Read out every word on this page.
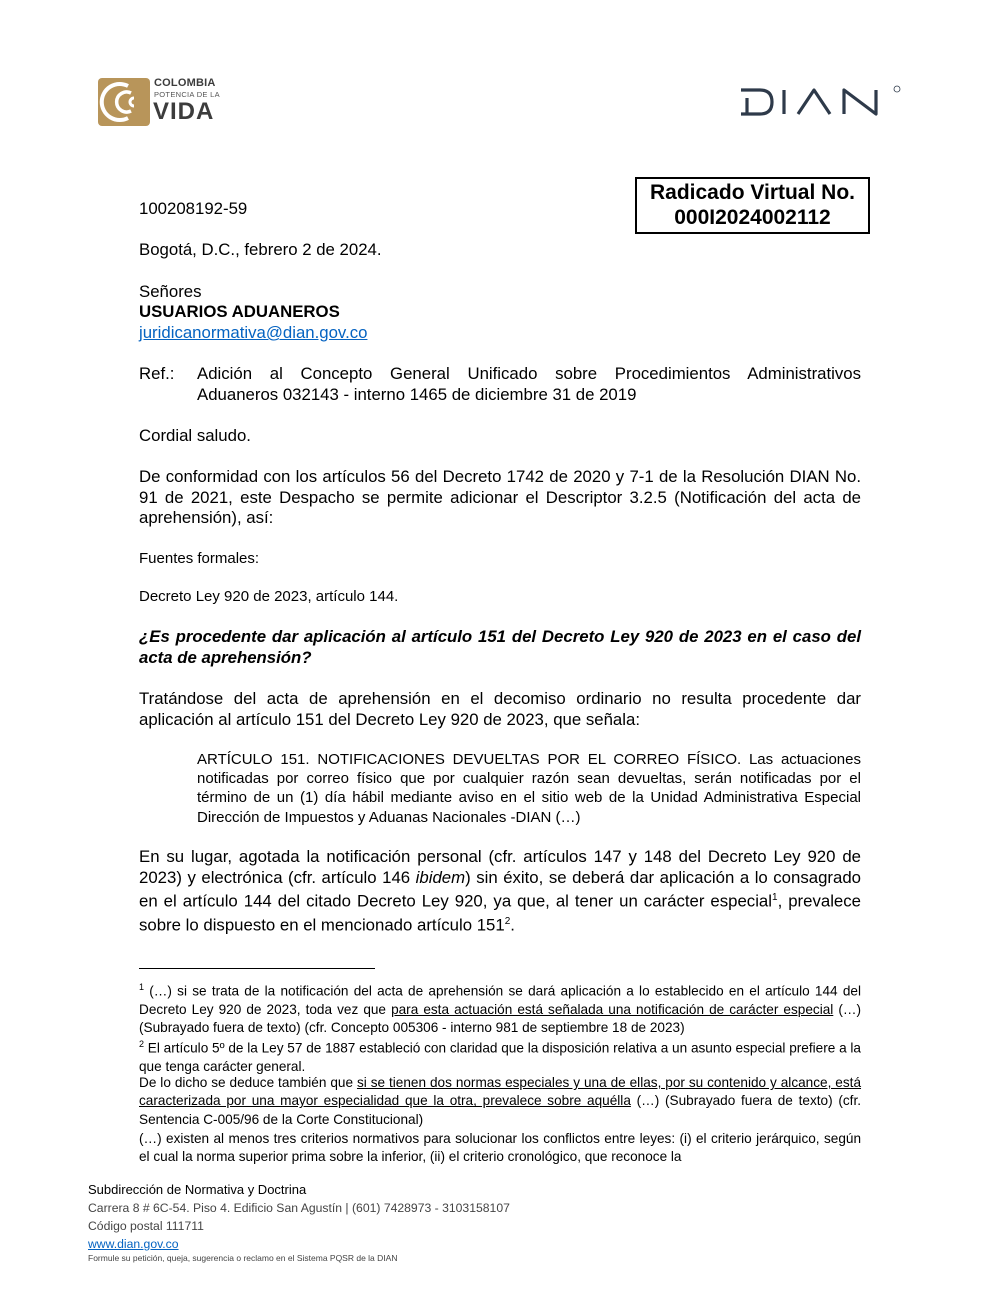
COLOMBIA
POTENCIA DE LA
VIDA
Radicado Virtual No.
000I2024002112
100208192-59
Bogotá, D.C., febrero 2 de 2024.
Señores
USUARIOS ADUANEROS
juridicanormativa@dian.gov.co
Ref.: Adición al Concepto General Unificado sobre Procedimientos Administrativos
Aduaneros 032143 - interno 1465 de diciembre 31 de 2019
Cordial saludo.
De conformidad con los artículos 56 del Decreto 1742 de 2020 y 7-1 de la Resolución DIAN No. 91 de 2021, este Despacho se permite adicionar el Descriptor 3.2.5 (Notificación del acta de aprehensión), así:
Fuentes formales:
Decreto Ley 920 de 2023, artículo 144.
¿Es procedente dar aplicación al artículo 151 del Decreto Ley 920 de 2023 en el caso del acta de aprehensión?
Tratándose del acta de aprehensión en el decomiso ordinario no resulta procedente dar aplicación al artículo 151 del Decreto Ley 920 de 2023, que señala:
ARTÍCULO 151. NOTIFICACIONES DEVUELTAS POR EL CORREO FÍSICO. Las actuaciones notificadas por correo físico que por cualquier razón sean devueltas, serán notificadas por el término de un (1) día hábil mediante aviso en el sitio web de la Unidad Administrativa Especial Dirección de Impuestos y Aduanas Nacionales -DIAN (…)
En su lugar, agotada la notificación personal (cfr. artículos 147 y 148 del Decreto Ley 920 de 2023) y electrónica (cfr. artículo 146 ibidem) sin éxito, se deberá dar aplicación a lo consagrado en el artículo 144 del citado Decreto Ley 920, ya que, al tener un carácter especial$^1$, prevalece sobre lo dispuesto en el mencionado artículo $151^2$.
$^1$ (…) si se trata de la notificación del acta de aprehensión se dará aplicación a lo establecido en el artículo 144 del Decreto Ley 920 de 2023, toda vez que para esta actuación está señalada una notificación de carácter especial (…) (Subrayado fuera de texto) (cfr. Concepto 005306 - interno 981 de septiembre 18 de 2023)
$^2$ El artículo 5º de la Ley 57 de 1887 estableció con claridad que la disposición relativa a un asunto especial prefiere a la que tenga carácter general.
De lo dicho se deduce también que si se tienen dos normas especiales y una de ellas, por su contenido y alcance, está caracterizada por una mayor especialidad que la otra, prevalece sobre aquélla (…) (Subrayado fuera de texto) (cfr. Sentencia C-005/96 de la Corte Constitucional)
(…) existen al menos tres criterios normativos para solucionar los conflictos entre leyes: (i) el criterio jerárquico, según el cual la norma superior prima sobre la inferior, (ii) el criterio cronológico, que reconoce la
Subdirección de Normativa y Doctrina
Carrera 8 # 6C-54. Piso 4. Edificio San Agustín | (601) 7428973 - 3103158107
Código postal 111711
www.dian.gov.co
Formule su petición, queja, sugerencia o reclamo en el Sistema PQSR de la DIAN
